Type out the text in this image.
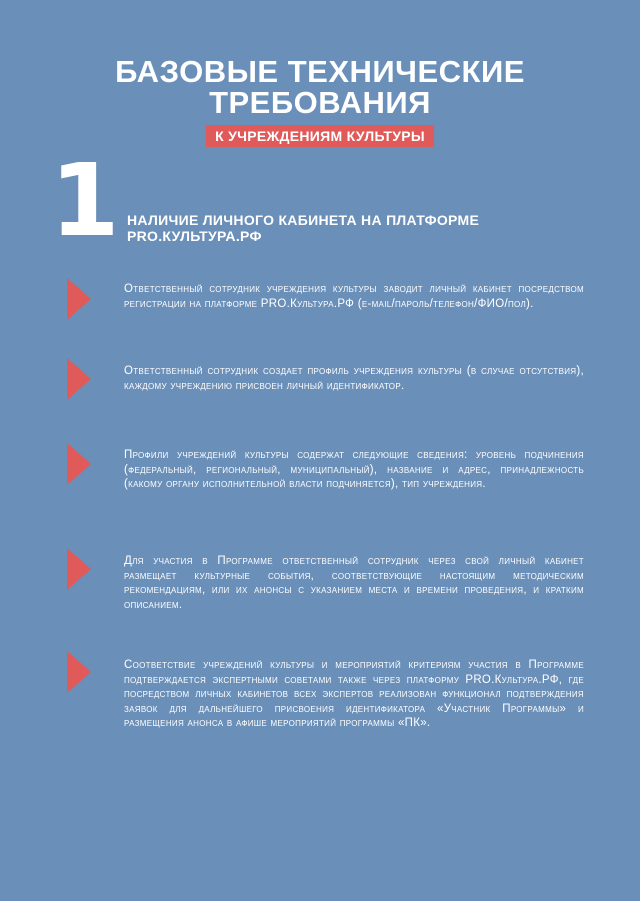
БАЗОВЫЕ ТЕХНИЧЕСКИЕ
ТРЕБОВАНИЯ
К УЧРЕЖДЕНИЯМ КУЛЬТУРЫ
1 НАЛИЧИЕ ЛИЧНОГО КАБИНЕТА НА ПЛАТФОРМЕ
PRO.КУЛЬТУРА.РФ
Ответственный сотрудник учреждения культуры заводит личный кабинет посредством регистрации на платформе PRO.Культура.РФ (e-mail/пароль/телефон/ФИО/пол).
Ответственный сотрудник создает профиль учреждения культуры (в случае отсутствия), каждому учреждению присвоен личный идентификатор.
Профили учреждений культуры содержат следующие сведения: уровень подчинения (федеральный, региональный, муниципальный), название и адрес, принадлежность (какому органу исполнительной власти подчиняется), тип учреждения.
Для участия в Программе ответственный сотрудник через свой личный кабинет размещает культурные события, соответствующие настоящим методическим рекомендациям, или их анонсы с указанием места и времени проведения, и кратким описанием.
Соответствие учреждений культуры и мероприятий критериям участия в Программе подтверждается экспертными советами также через платформу PRO.Культура.РФ, где посредством личных кабинетов всех экспертов реализован функционал подтверждения заявок для дальнейшего присвоения идентификатора «Участник Программы» и размещения анонса в афише мероприятий программы «ПК».
